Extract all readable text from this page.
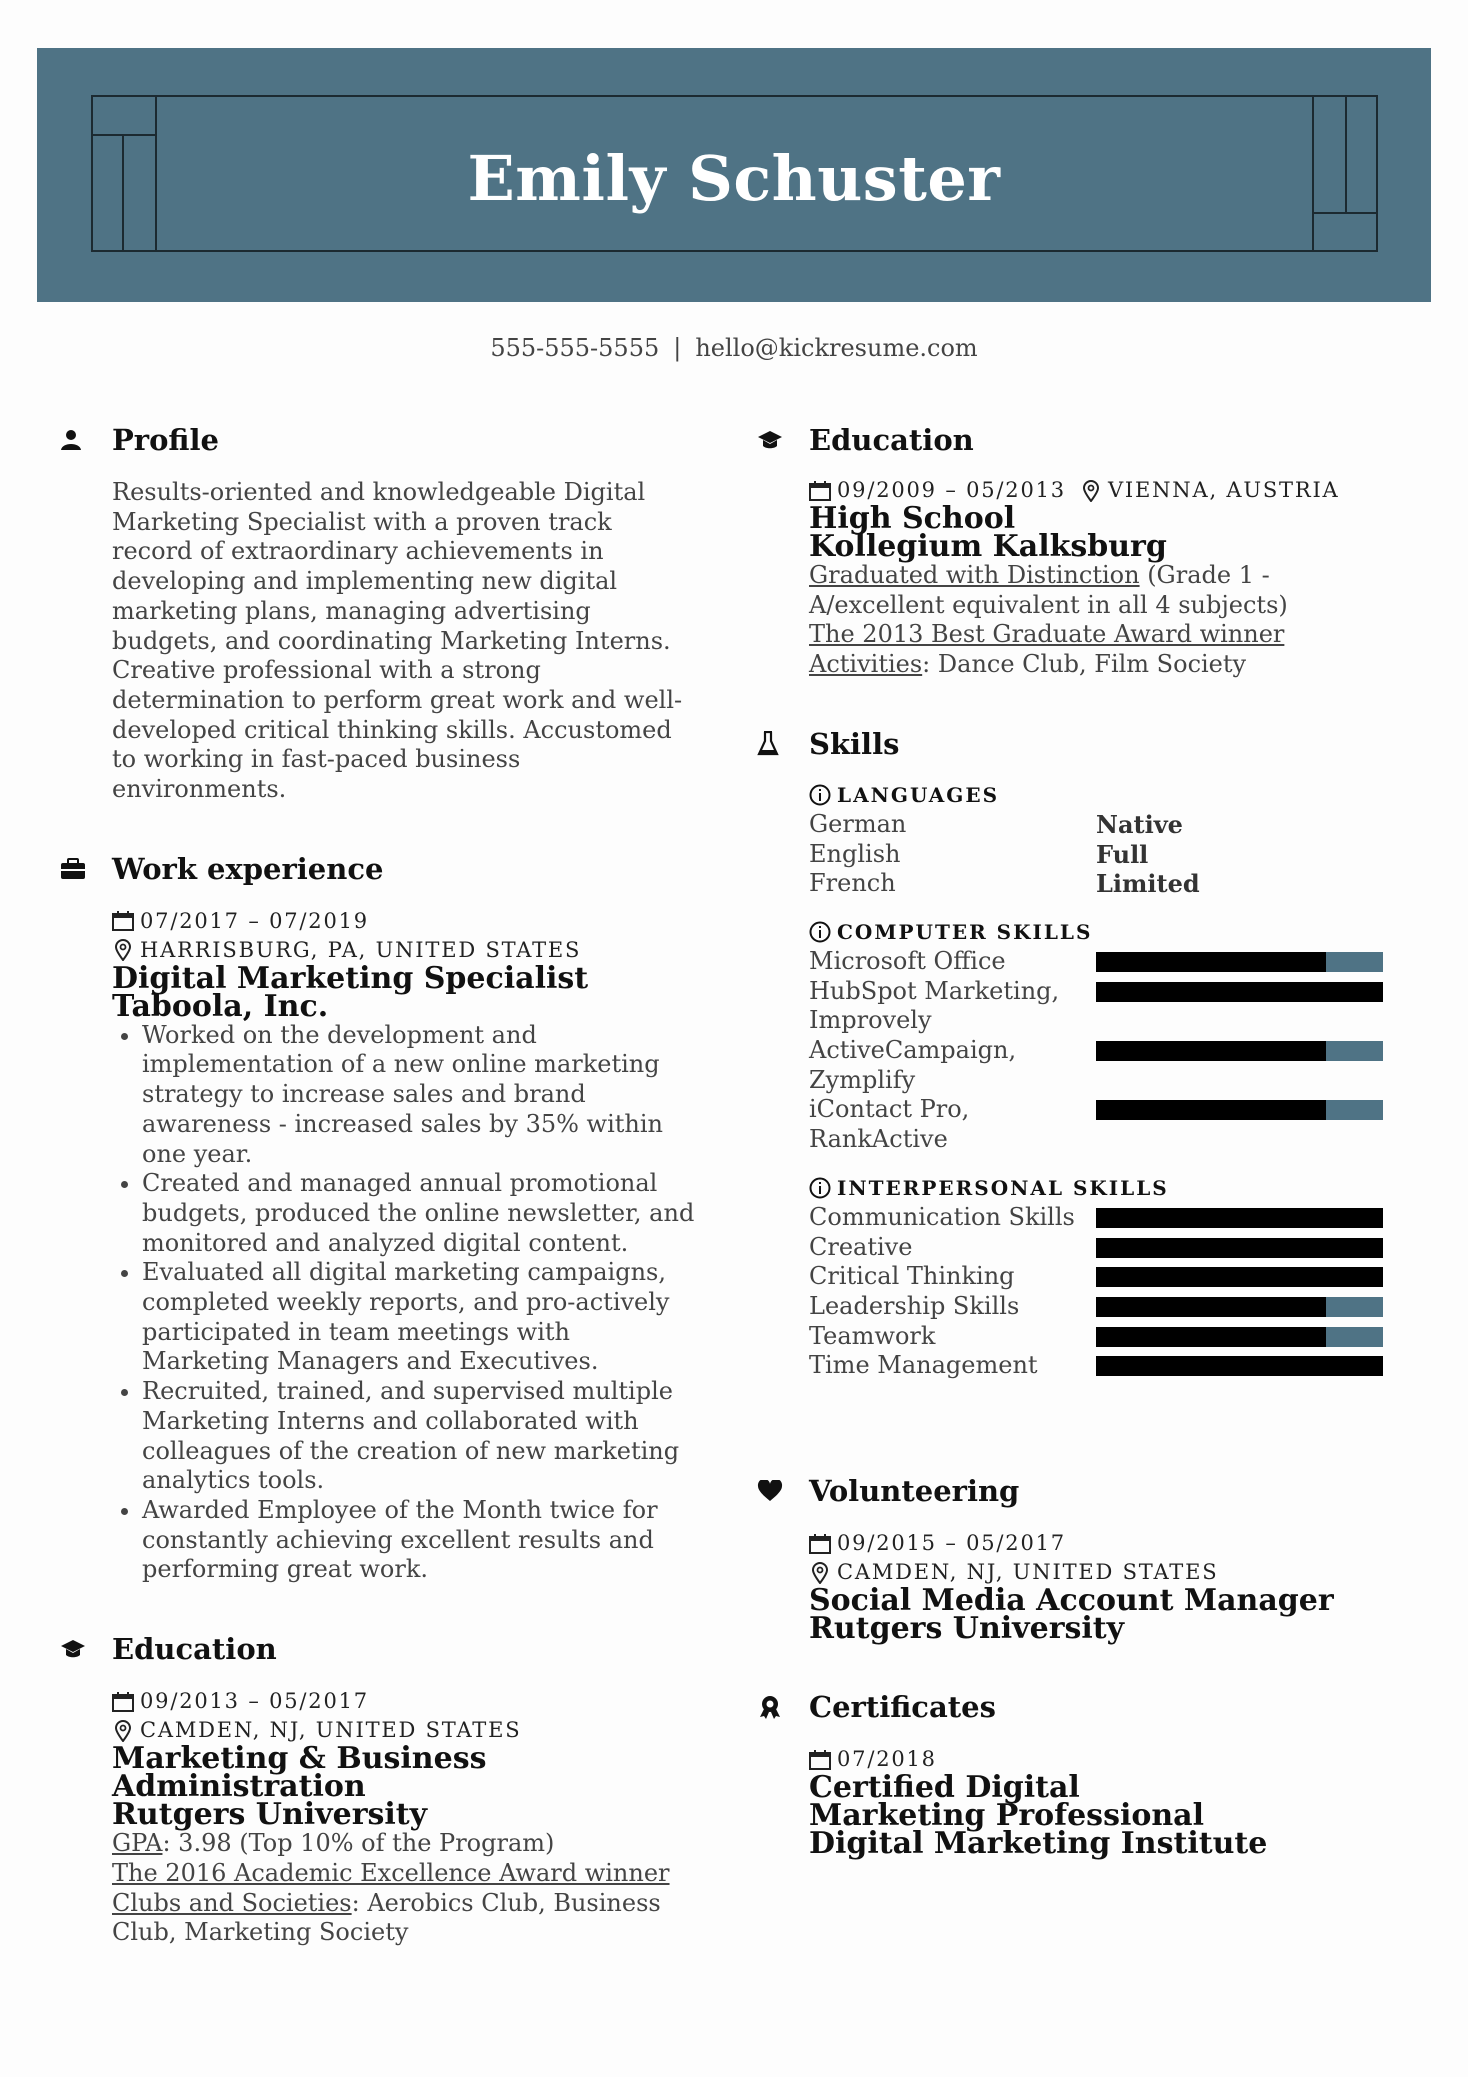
Emily Schuster
555-555-5555 | hello@kickresume.com
Profile
Results-oriented and knowledgeable Digital Marketing Specialist with a proven track record of extraordinary achievements in developing and implementing new digital marketing plans, managing advertising budgets, and coordinating Marketing Interns. Creative professional with a strong determination to perform great work and well-developed critical thinking skills. Accustomed to working in fast-paced business environments.
Work experience
07/2017 – 07/2019
HARRISBURG, PA, UNITED STATES
Digital Marketing Specialist
Taboola, Inc.
• Worked on the development and implementation of a new online marketing strategy to increase sales and brand awareness - increased sales by 35% within one year.
• Created and managed annual promotional budgets, produced the online newsletter, and monitored and analyzed digital content.
• Evaluated all digital marketing campaigns, completed weekly reports, and pro-actively participated in team meetings with Marketing Managers and Executives.
• Recruited, trained, and supervised multiple Marketing Interns and collaborated with colleagues of the creation of new marketing analytics tools.
• Awarded Employee of the Month twice for constantly achieving excellent results and performing great work.
Education
09/2013 – 05/2017
CAMDEN, NJ, UNITED STATES
Marketing & Business Administration
Rutgers University
GPA: 3.98 (Top 10% of the Program)
The 2016 Academic Excellence Award winner
Clubs and Societies: Aerobics Club, Business Club, Marketing Society
Education
09/2009 – 05/2013 VIENNA, AUSTRIA
High School
Kollegium Kalksburg
Graduated with Distinction (Grade 1 - A/excellent equivalent in all 4 subjects)
The 2013 Best Graduate Award winner
Activities: Dance Club, Film Society
Skills
LANGUAGES
German	Native
English	Full
French	Limited
COMPUTER SKILLS
Microsoft Office
HubSpot Marketing, Improvely
ActiveCampaign, Zymplify
iContact Pro, RankActive
INTERPERSONAL SKILLS
Communication Skills
Creative
Critical Thinking
Leadership Skills
Teamwork
Time Management
Volunteering
09/2015 – 05/2017
CAMDEN, NJ, UNITED STATES
Social Media Account Manager
Rutgers University
Certificates
07/2018
Certified Digital Marketing Professional
Digital Marketing Institute
